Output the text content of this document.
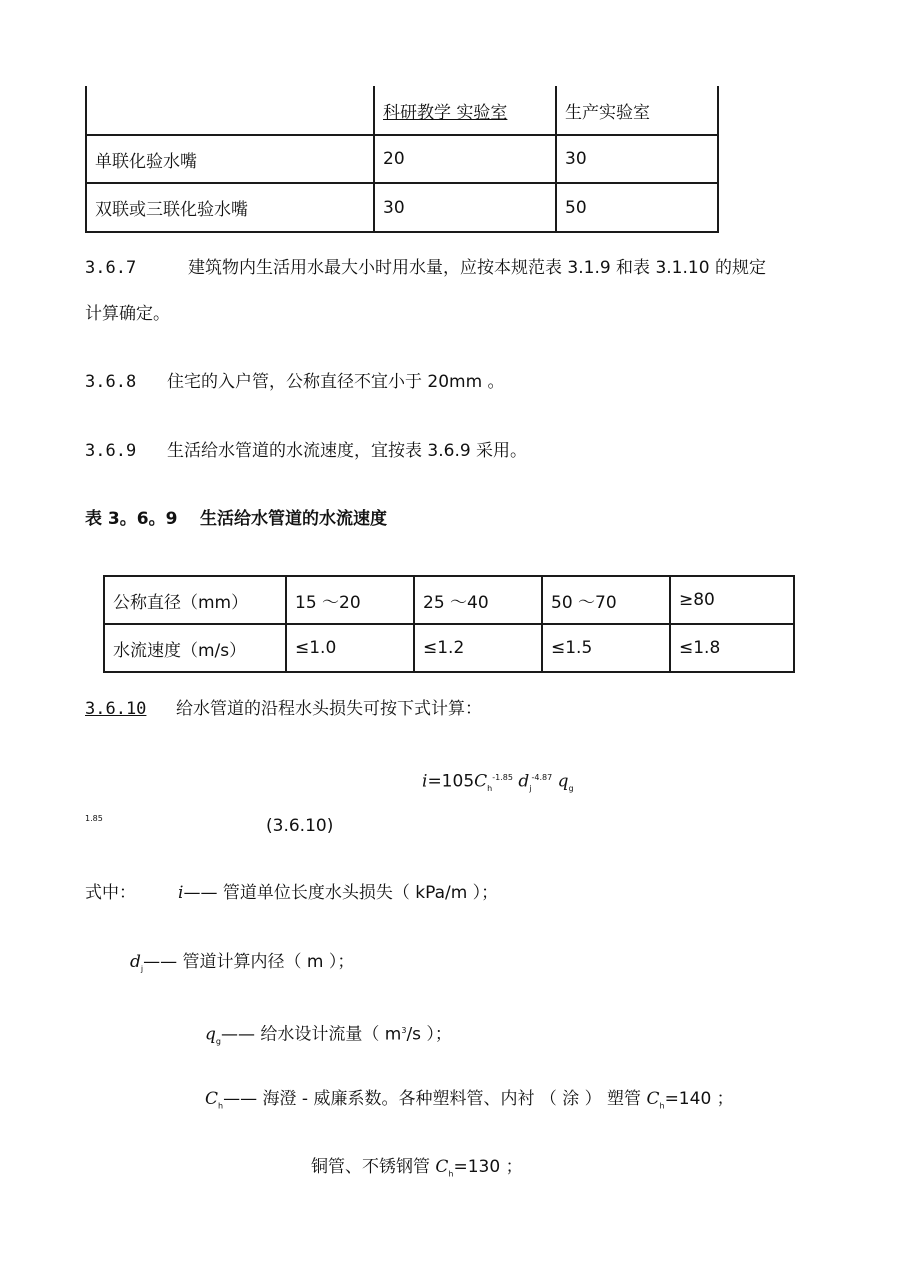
	科研教学 实验室	生产实验室
单联化验水嘴	20	30
双联或三联化验水嘴	30	50
3.6.7	建筑物内生活用水最大小时用水量，应按本规范表 3.1.9 和表 3.1.10 的规定
计算确定。
3.6.8 住宅的入户管，公称直径不宜小于 20mm 。
3.6.9 生活给水管道的水流速度，宜按表 3.6.9 采用。
表 3。6。9 生活给水管道的水流速度
公称直径（mm）	15 ～20	25 ～40	50 ～70	≥80
水流速度（m/s）	≤1.0	≤1.2	≤1.5	≤1.8
3.6.10	给水管道的沿程水头损失可按下式计算：
$i=105C_h^{-1.85}$ $d_j^{-4.87}$ $q_g$
1.85	(3.6.10)
式中： i—— 管道单位长度水头损失（ kPa/m ）；
$d_j——$ 管道计算内径（ m ）；
$q_g——$ 给水设计流量（ $m^3/s$ ）；
$C_h——$ 海澄 - 威廉系数。各种塑料管、内衬 （ 涂 ） 塑管 $C_h=140$ ；
铜管、不锈钢管 $C_h=130$ ；
